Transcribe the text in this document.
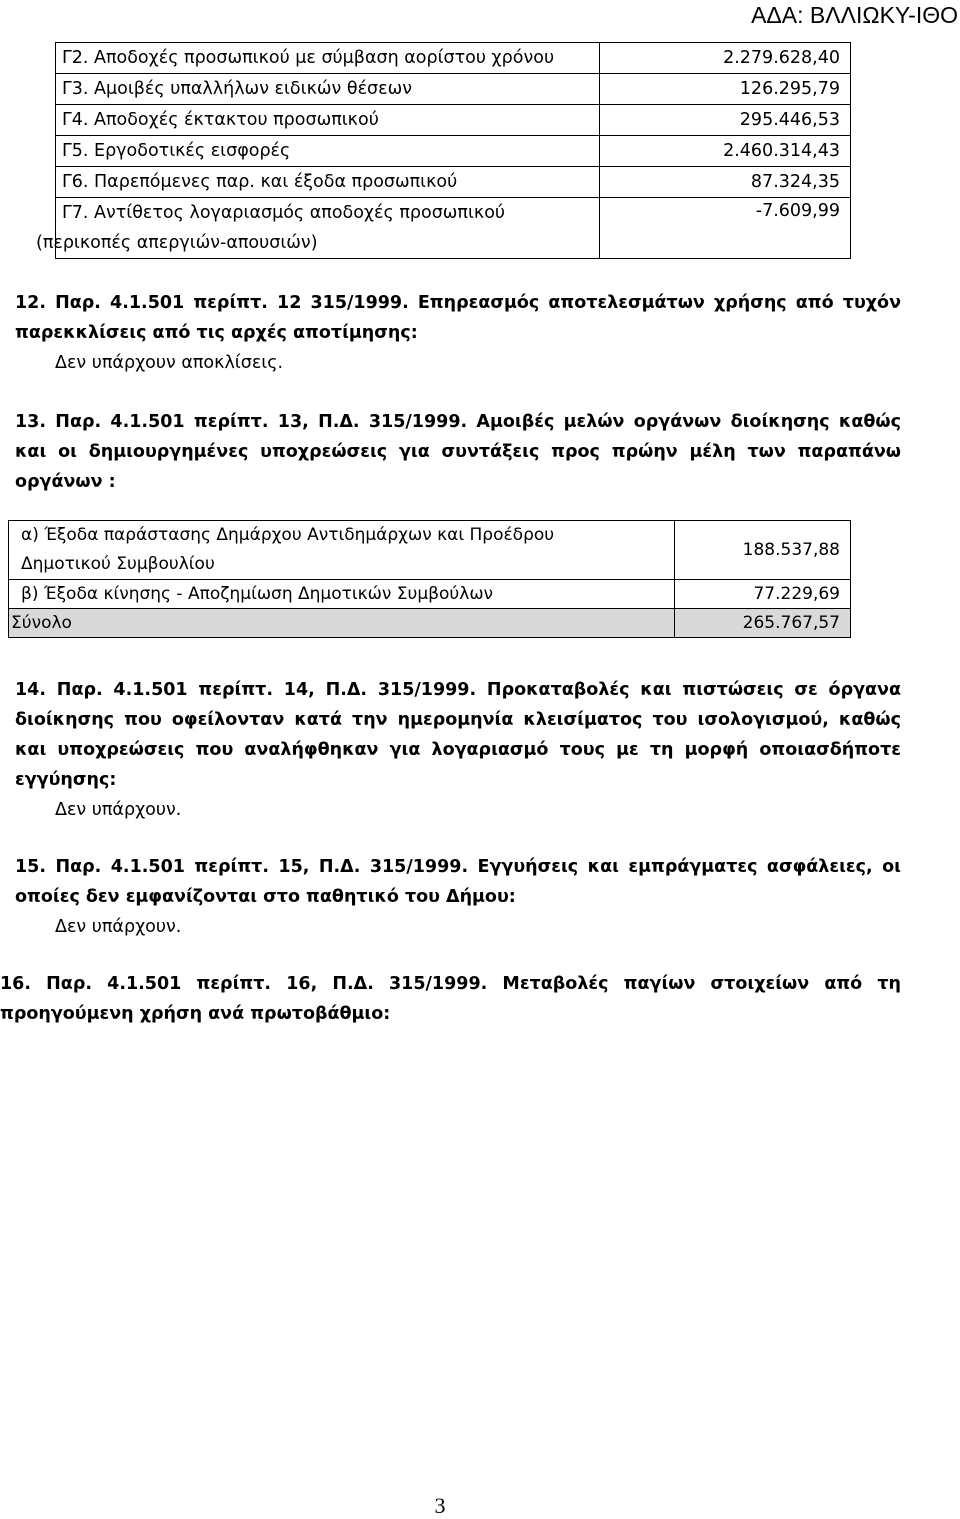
ΑΔΑ: ΒΛΛΙΩΚΥ-ΙΘΟ
Γ2. Αποδοχές προσωπικού με σύμβαση αορίστου χρόνου	2.279.628,40
Γ3. Αμοιβές υπαλλήλων ειδικών θέσεων	126.295,79
Γ4. Αποδοχές έκτακτου προσωπικού	295.446,53
Γ5. Εργοδοτικές εισφορές	2.460.314,43
Γ6. Παρεπόμενες παρ. και έξοδα προσωπικού	87.324,35

Γ7. Αντίθετος λογαριασμός αποδοχές προσωπικού
(περικοπές απεργιών-απουσιών)	-7.609,99
12. Παρ. 4.1.501 περίπτ. 12 315/1999. Επηρεασμός αποτελεσμάτων χρήσης από τυχόν παρεκκλίσεις από τις αρχές αποτίμησης:
Δεν υπάρχουν αποκλίσεις.
13. Παρ. 4.1.501 περίπτ. 13, Π.Δ. 315/1999. Αμοιβές μελών οργάνων διοίκησης καθώς και οι δημιουργημένες υποχρεώσεις για συντάξεις προς πρώην μέλη των παραπάνω οργάνων :
α) Έξοδα παράστασης Δημάρχου Αντιδημάρχων και Προέδρου
Δημοτικού Συμβουλίου	188.537,88
β) Έξοδα κίνησης - Αποζημίωση Δημοτικών Συμβούλων	77.229,69
Σύνολο	265.767,57
14. Παρ. 4.1.501 περίπτ. 14, Π.Δ. 315/1999. Προκαταβολές και πιστώσεις σε όργανα διοίκησης που οφείλονταν κατά την ημερομηνία κλεισίματος του ισολογισμού, καθώς και υποχρεώσεις που αναλήφθηκαν για λογαριασμό τους με τη μορφή οποιασδήποτε εγγύησης:
Δεν υπάρχουν.
15. Παρ. 4.1.501 περίπτ. 15, Π.Δ. 315/1999. Εγγυήσεις και εμπράγματες ασφάλειες, οι οποίες δεν εμφανίζονται στο παθητικό του Δήμου:
Δεν υπάρχουν.
16. Παρ. 4.1.501 περίπτ. 16, Π.Δ. 315/1999. Μεταβολές παγίων στοιχείων από τη προηγούμενη χρήση ανά πρωτοβάθμιο:
3
